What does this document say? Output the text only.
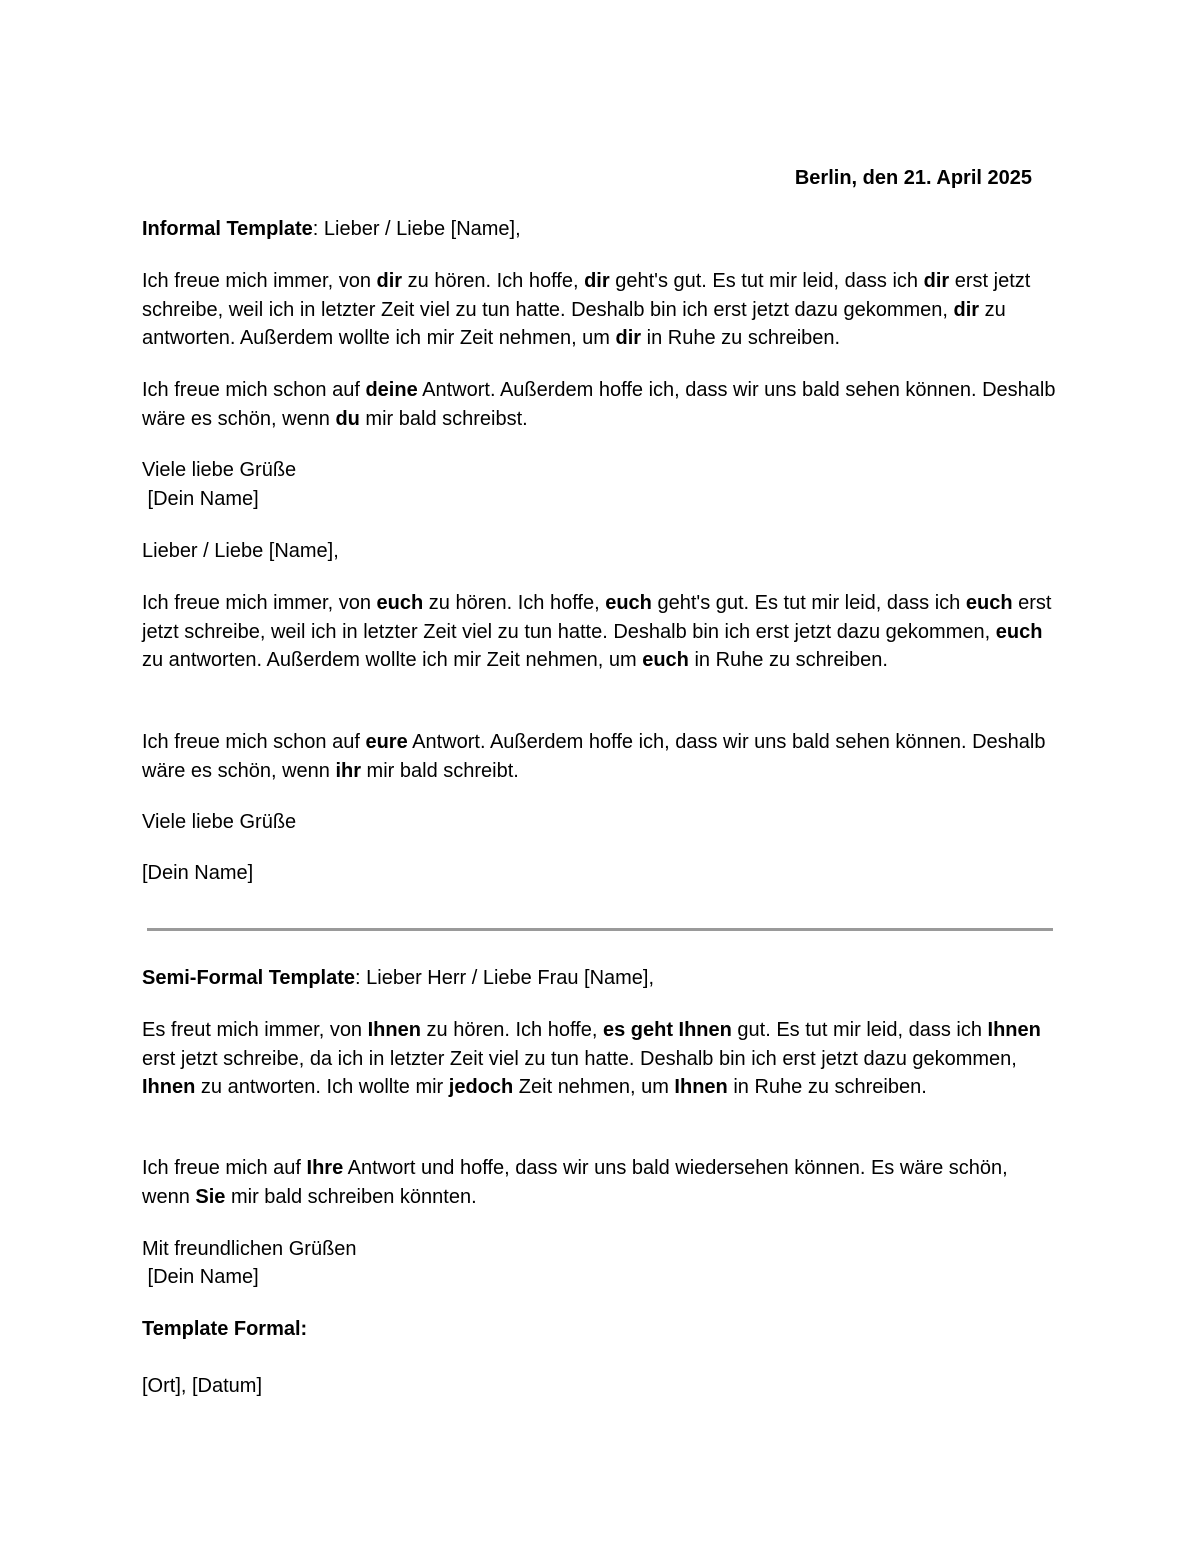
Berlin, den 21. April 2025

Informal Template: Lieber / Liebe [Name],

Ich freue mich immer, von dir zu hören. Ich hoffe, dir geht's gut. Es tut mir leid, dass ich dir erst jetzt schreibe, weil ich in letzter Zeit viel zu tun hatte. Deshalb bin ich erst jetzt dazu gekommen, dir zu antworten. Außerdem wollte ich mir Zeit nehmen, um dir in Ruhe zu schreiben.

Ich freue mich schon auf deine Antwort. Außerdem hoffe ich, dass wir uns bald sehen können. Deshalb wäre es schön, wenn du mir bald schreibst.

Viele liebe Grüße

[Dein Name]

Lieber / Liebe [Name],

Ich freue mich immer, von euch zu hören. Ich hoffe, euch geht's gut. Es tut mir leid, dass ich euch erst jetzt schreibe, weil ich in letzter Zeit viel zu tun hatte. Deshalb bin ich erst jetzt dazu gekommen, euch zu antworten. Außerdem wollte ich mir Zeit nehmen, um euch in Ruhe zu schreiben.

Ich freue mich schon auf eure Antwort. Außerdem hoffe ich, dass wir uns bald sehen können. Deshalb wäre es schön, wenn ihr mir bald schreibt.

Viele liebe Grüße

[Dein Name]

Semi-Formal Template: Lieber Herr / Liebe Frau [Name],

Es freut mich immer, von Ihnen zu hören. Ich hoffe, es geht Ihnen gut. Es tut mir leid, dass ich Ihnen erst jetzt schreibe, da ich in letzter Zeit viel zu tun hatte. Deshalb bin ich erst jetzt dazu gekommen, Ihnen zu antworten. Ich wollte mir jedoch Zeit nehmen, um Ihnen in Ruhe zu schreiben.

Ich freue mich auf Ihre Antwort und hoffe, dass wir uns bald wiedersehen können. Es wäre schön, wenn Sie mir bald schreiben könnten.

Mit freundlichen Grüßen

[Dein Name]

Template Formal:

[Ort], [Datum]
